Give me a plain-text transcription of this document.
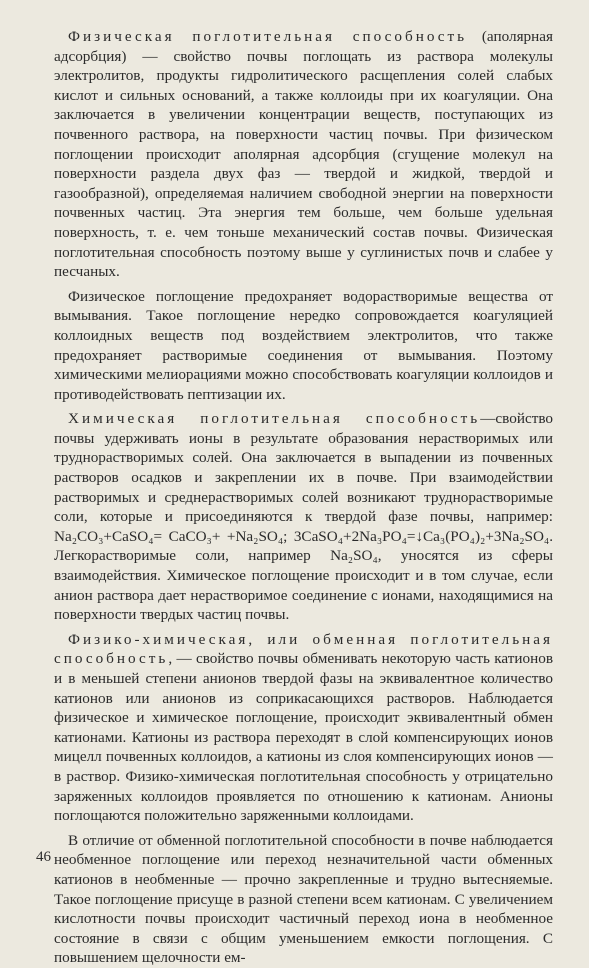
Физическая поглотительная способность (аполярная адсорбция) — свойство почвы поглощать из раствора молекулы электролитов, продукты гидролитического расщепления солей слабых кислот и сильных оснований, а также коллоиды при их коагуляции. Она заключается в увеличении концентрации веществ, поступающих из почвенного раствора, на поверхности частиц почвы. При физическом поглощении происходит аполярная адсорбция (сгущение молекул на поверхности раздела двух фаз — твердой и жидкой, твердой и газообразной), определяемая наличием свободной энергии на поверхности почвенных частиц. Эта энергия тем больше, чем больше удельная поверхность, т. е. чем тоньше механический состав почвы. Физическая поглотительная способность поэтому выше у суглинистых почв и слабее у песчаных.

Физическое поглощение предохраняет водорастворимые вещества от вымывания. Такое поглощение нередко сопровождается коагуляцией коллоидных веществ под воздействием электролитов, что также предохраняет растворимые соединения от вымывания. Поэтому химическими мелиорациями можно способствовать коагуляции коллоидов и противодействовать пептизации их.

Химическая поглотительная способность—свойство почвы удерживать ионы в результате образования нерастворимых или труднорастворимых солей. Она заключается в выпадении из почвенных растворов осадков и закреплении их в почве. При взаимодействии растворимых и среднерастворимых солей возникают труднорастворимые соли, которые и присоединяются к твердой фазе почвы, например: Na₂CO₃+CaSO₄= CaCO₃+ +Na₂SO₄; 3CaSO₄+2Na₃PO₄=↓Ca₃(PO₄)₂+3Na₂SO₄. Легкорастворимые соли, например Na₂SO₄, уносятся из сферы взаимодействия. Химическое поглощение происходит и в том случае, если анион раствора дает нерастворимое соединение с ионами, находящимися на поверхности твердых частиц почвы.

Физико-химическая, или обменная поглотительная способность, — свойство почвы обменивать некоторую часть катионов и в меньшей степени анионов твердой фазы на эквивалентное количество катионов или анионов из соприкасающихся растворов. Наблюдается физическое и химическое поглощение, происходит эквивалентный обмен катионами. Катионы из раствора переходят в слой компенсирующих ионов мицелл почвенных коллоидов, а катионы из слоя компенсирующих ионов — в раствор. Физико-химическая поглотительная способность у отрицательно заряженных коллоидов проявляется по отношению к катионам. Анионы поглощаются положительно заряженными коллоидами.

В отличие от обменной поглотительной способности в почве наблюдается необменное поглощение или переход незначительной части обменных катионов в необменные — прочно закрепленные и трудно вытесняемые. Такое поглощение присуще в разной степени всем катионам. С увеличением кислотности почвы происходит частичный переход иона в необменное состояние в связи с общим уменьшением емкости поглощения. С повышением щелочности ем-

46
